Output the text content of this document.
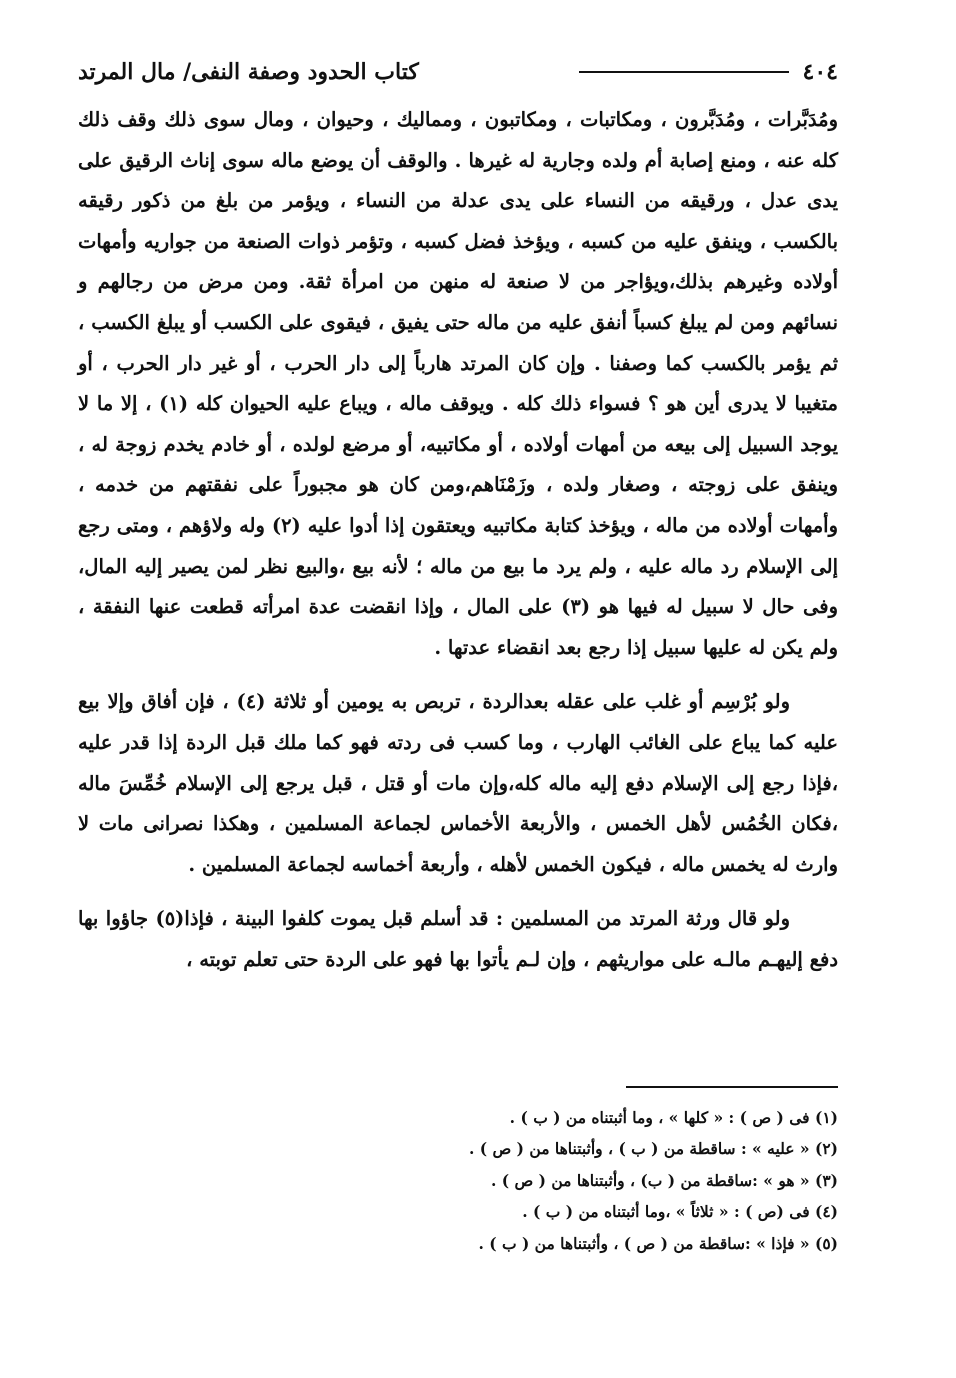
٤٠٤
كتاب الحدود وصفة النفى/ مال المرتد

ومُدَبَّرات ، ومُدَبَّرون ، ومكاتبات ، ومكاتبون ، ومماليك ، وحيوان ، ومال سوى ذلك وقف ذلك كله عنه ، ومنع إصابة أم ولده وجارية له غيرها . والوقف أن يوضع ماله سوى إناث الرقيق على يدى عدل ، ورقيقه من النساء على يدى عدلة من النساء ، ويؤمر من بلغ من ذكور رقيقه بالكسب ، وينفق عليه من كسبه ، ويؤخذ فضل كسبه ، وتؤمر ذوات الصنعة من جواريه وأمهات أولاده وغيرهم بذلك،ويؤاجر من لا صنعة له منهن من امرأة ثقة. ومن مرض من رجالهم و نسائهم ومن لم يبلغ كسباً أنفق عليه من ماله حتى يفيق ، فيقوى على الكسب أو يبلغ الكسب ، ثم يؤمر بالكسب كما وصفنا . وإن كان المرتد هارباً إلى دار الحرب ، أو غير دار الحرب ، أو متغيبا لا يدرى أين هو ؟ فسواء ذلك كله . ويوقف ماله ، ويباع عليه الحيوان كله (١) ، إلا ما لا يوجد السبيل إلى بيعه من أمهات أولاده ، أو مكاتبيه، أو مرضع لولده ، أو خادم يخدم زوجة له ، وينفق على زوجته ، وصغار ولده ، وزَمْنَاهم،ومن كان هو مجبوراً على نفقتهم من خدمه ، وأمهات أولاده من ماله ، ويؤخذ كتابة مكاتبيه ويعتقون إذا أدوا عليه (٢) وله ولاؤهم ، ومتى رجع إلى الإسلام رد ماله عليه ، ولم يرد ما بيع من ماله ؛ لأنه بيع ،والبيع نظر لمن يصير إليه المال، وفى حال لا سبيل له فيها هو (٣) على المال ، وإذا انقضت عدة امرأته قطعت عنها النفقة ، ولم يكن له عليها سبيل إذا رجع بعد انقضاء عدتها .

ولو بُرْسِم أو غلب على عقله بعدالردة ، تربص به يومين أو ثلاثة (٤) ، فإن أفاق وإلا بيع عليه كما يباع على الغائب الهارب ، وما كسب فى ردته فهو كما ملك قبل الردة إذا قدر عليه ،فإذا رجع إلى الإسلام دفع إليه ماله كله،وإن مات أو قتل ، قبل يرجع إلى الإسلام خُمِّسَ ماله ،فكان الخُمُس لأهل الخمس ، والأربعة الأخماس لجماعة المسلمين ، وهكذا نصرانى مات لا وارث له يخمس ماله ، فيكون الخمس لأهله ، وأربعة أخماسه لجماعة المسلمين .

ولو قال ورثة المرتد من المسلمين : قد أسلم قبل يموت كلفوا البينة ، فإذا(٥) جاؤوا بها دفع إليهـم مالـه على مواريثهم ، وإن لـم يأتوا بها فهو على الردة حتى تعلم توبته ،

(١) فى ( ص ) : « كلها » ، وما أثبتناه من ( ب ) .
(٢) « عليه » : ساقطة من ( ب ) ، وأثبتناها من ( ص ) .
(٣) « هو » :ساقطة من ( ب) ، وأثبتناها من ( ص ) .
(٤) فى (ص ) : « ثلاثاً » ،وما أثبتناه من ( ب ) .
(٥) « فإذا » :ساقطة من ( ص ) ، وأثبتناها من ( ب ) .
